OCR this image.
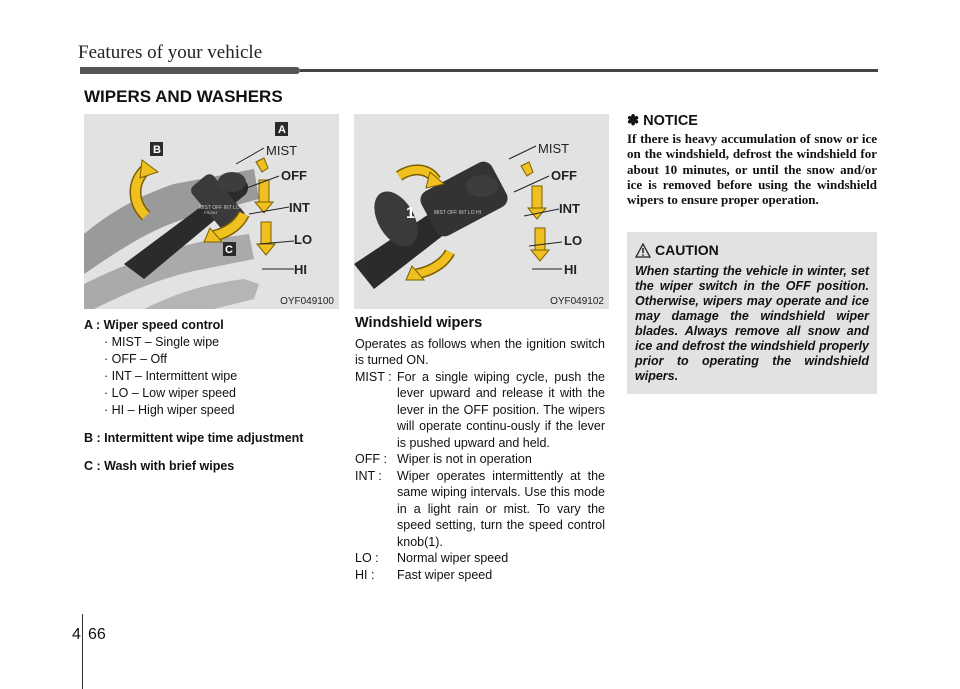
Features of your vehicle
WIPERS AND WASHERS
MIST OFF INT LO HI
FRONT
MIST
OFF
INT
LO
HI
A
B
C
OYF049100
MIST OFF INT LO HI
1
MIST
OFF
INT
LO
HI
OYF049102
A : Wiper speed control
· MIST – Single wipe
· OFF – Off
· INT – Intermittent wipe
· LO – Low wiper speed
· HI – High wiper speed
B : Intermittent wipe time adjustment
C : Wash with brief wipes
Windshield wipers

Operates as follows when the ignition switch is turned ON.

MIST : For a single wiping cycle, push the lever upward and release it with the lever in the OFF position. The wipers will operate continu-ously if the lever is pushed upward and held.
OFF : Wiper is not in operation
INT :	Wiper operates intermittently at the same wiping intervals. Use this mode in a light rain or mist. To vary the speed setting, turn the speed control knob(1).
LO :	Normal wiper speed
HI :	Fast wiper speed
✽ NOTICE
If there is heavy accumulation of snow or ice on the windshield, defrost the windshield for about 10 minutes, or until the snow and/or ice is removed before using the windshield wipers to ensure proper operation.
CAUTION
When starting the vehicle in winter, set the wiper switch in the OFF position. Otherwise, wipers may operate and ice may damage the windshield wiper blades. Always remove all snow and ice and defrost the windshield properly prior to operating the windshield wipers.
4 66
